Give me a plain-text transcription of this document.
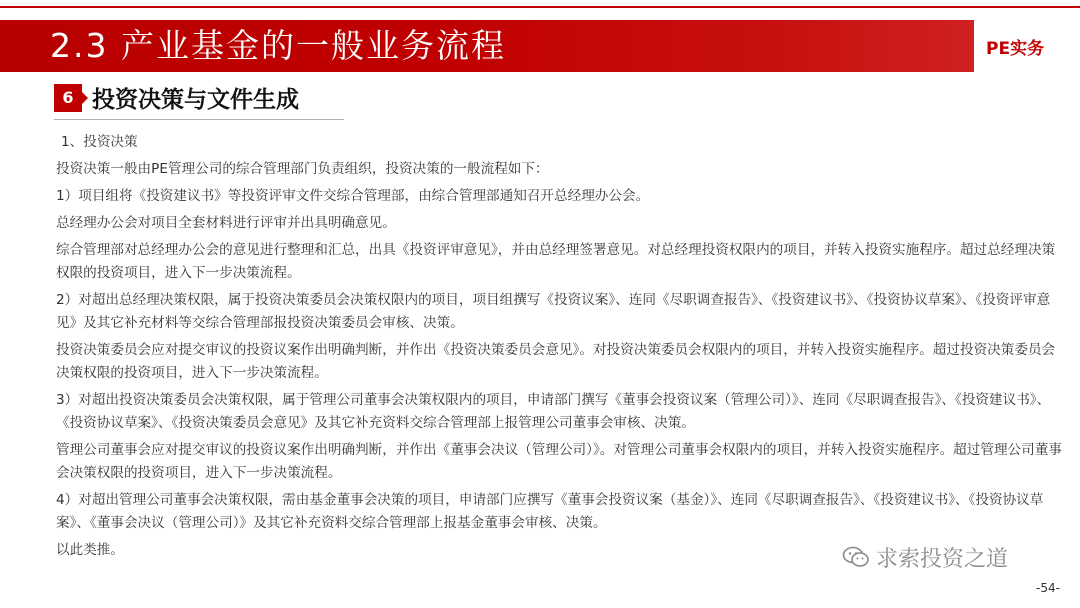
2.3 产业基金的一般业务流程	PE实务
6 投资决策与文件生成

1、投资决策

投资决策一般由PE管理公司的综合管理部门负责组织，投资决策的一般流程如下：

1）项目组将《投资建议书》等投资评审文件交综合管理部，由综合管理部通知召开总经理办公会。

总经理办公会对项目全套材料进行评审并出具明确意见。

综合管理部对总经理办公会的意见进行整理和汇总，出具《投资评审意见》，并由总经理签署意见。对总经理投资权限内的项目，并转入投资实施程序。超过总经理决策权限的投资项目，进入下一步决策流程。

2）对超出总经理决策权限，属于投资决策委员会决策权限内的项目，项目组撰写《投资议案》、连同《尽职调查报告》、《投资建议书》、《投资协议草案》、《投资评审意见》及其它补充材料等交综合管理部报投资决策委员会审核、决策。

投资决策委员会应对提交审议的投资议案作出明确判断，并作出《投资决策委员会意见》。对投资决策委员会权限内的项目，并转入投资实施程序。超过投资决策委员会决策权限的投资项目，进入下一步决策流程。

3）对超出投资决策委员会决策权限，属于管理公司董事会决策权限内的项目，申请部门撰写《董事会投资议案（管理公司）》、连同《尽职调查报告》、《投资建议书》、《投资协议草案》、《投资决策委员会意见》及其它补充资料交综合管理部上报管理公司董事会审核、决策。

管理公司董事会应对提交审议的投资议案作出明确判断，并作出《董事会决议（管理公司）》。对管理公司董事会权限内的项目，并转入投资实施程序。超过管理公司董事会决策权限的投资项目，进入下一步决策流程。

4）对超出管理公司董事会决策权限，需由基金董事会决策的项目，申请部门应撰写《董事会投资议案（基金）》、连同《尽职调查报告》、《投资建议书》、《投资协议草案》、《董事会决议（管理公司）》及其它补充资料交综合管理部上报基金董事会审核、决策。

以此类推。	求索投资之道
-54-
